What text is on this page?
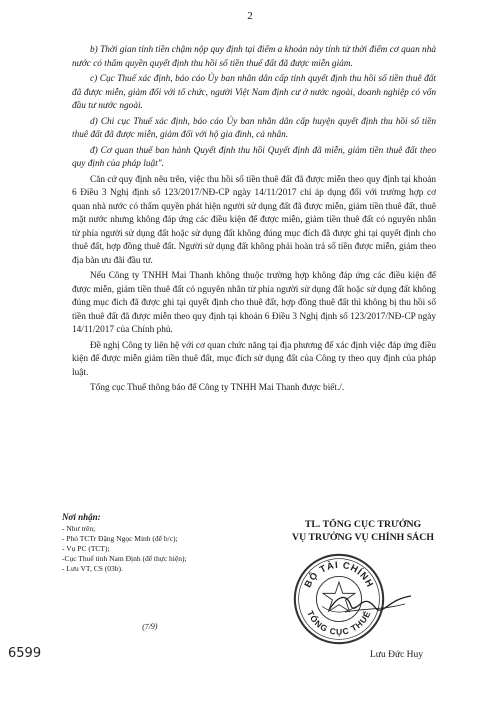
2

b) Thời gian tính tiền chậm nộp quy định tại điểm a khoản này tính từ thời điểm cơ quan nhà nước có thẩm quyền quyết định thu hồi số tiền thuế đất đã được miễn giảm.

c) Cục Thuế xác định, báo cáo Ủy ban nhân dân cấp tỉnh quyết định thu hồi số tiền thuê đất đã được miễn, giảm đối với tổ chức, người Việt Nam định cư ở nước ngoài, doanh nghiệp có vốn đầu tư nước ngoài.

d) Chi cục Thuế xác định, báo cáo Ủy ban nhân dân cấp huyện quyết định thu hồi số tiền thuê đất đã được miễn, giảm đối với hộ gia đình, cá nhân.

đ) Cơ quan thuế ban hành Quyết định thu hồi Quyết định đã miễn, giảm tiền thuê đất theo quy định của pháp luật".

Căn cứ quy định nêu trên, việc thu hồi số tiền thuê đất đã được miễn theo quy định tại khoản 6 Điều 3 Nghị định số 123/2017/NĐ-CP ngày 14/11/2017 chỉ áp dụng đối với trường hợp cơ quan nhà nước có thẩm quyền phát hiện người sử dụng đất đã được miễn, giảm tiền thuê đất, thuê mặt nước nhưng không đáp ứng các điều kiện để được miễn, giảm tiền thuê đất có nguyên nhân từ phía người sử dụng đất hoặc sử dụng đất không đúng mục đích đã được ghi tại quyết định cho thuê đất, hợp đồng thuê đất. Người sử dụng đất không phải hoàn trả số tiền được miễn, giảm theo địa bàn ưu đãi đầu tư.

Nếu Công ty TNHH Mai Thanh không thuộc trường hợp không đáp ứng các điều kiện để được miễn, giảm tiền thuê đất có nguyên nhân từ phía người sử dụng đất hoặc sử dụng đất không đúng mục đích đã được ghi tại quyết định cho thuê đất, hợp đồng thuê đất thì không bị thu hồi số tiền thuê đất đã được miễn theo quy định tại khoản 6 Điều 3 Nghị định số 123/2017/NĐ-CP ngày 14/11/2017 của Chính phủ.

Đề nghị Công ty liên hệ với cơ quan chức năng tại địa phương để xác định việc đáp ứng điều kiện để được miễn giảm tiền thuê đất, mục đích sử dụng đất của Công ty theo quy định của pháp luật.

Tổng cục Thuế thông báo để Công ty TNHH Mai Thanh được biết./.

Nơi nhận:
- Như trên;
- Phó TCTr Đặng Ngọc Minh (để b/c);
- Vụ PC (TCT);
-Cục Thuế tỉnh Nam Định (để thực hiện);
- Lưu VT, CS (03b).
(7/9)
TL. TỔNG CỤC TRƯỞNG
VỤ TRƯỞNG VỤ CHÍNH SÁCH
BỘ TÀI CHÍNH
TỔNG CỤC THUẾ
Lưu Đức Huy
6599
